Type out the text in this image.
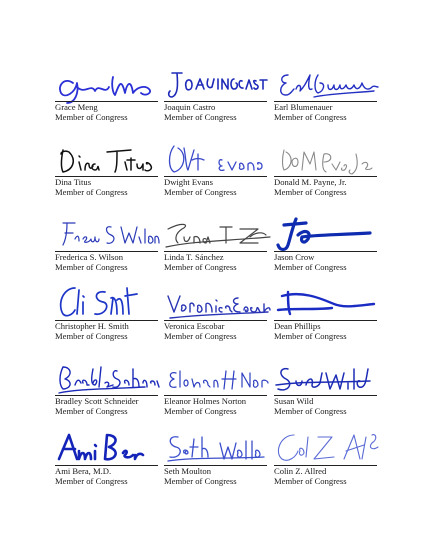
Grace Meng
Member of Congress
Joaquin Castro
Member of Congress
Earl Blumenauer
Member of Congress
Dina Titus
Member of Congress
Dwight Evans
Member of Congress
Donald M. Payne, Jr.
Member of Congress
Frederica S. Wilson
Member of Congress
Linda T. Sánchez
Member of Congress
Jason Crow
Member of Congress
Christopher H. Smith
Member of Congress
Veronica Escobar
Member of Congress
Dean Phillips
Member of Congress
Bradley Scott Schneider
Member of Congress
Eleanor Holmes Norton
Member of Congress
Susan Wild
Member of Congress
Ami Bera, M.D.
Member of Congress
Seth Moulton
Member of Congress
Colin Z. Allred
Member of Congress
